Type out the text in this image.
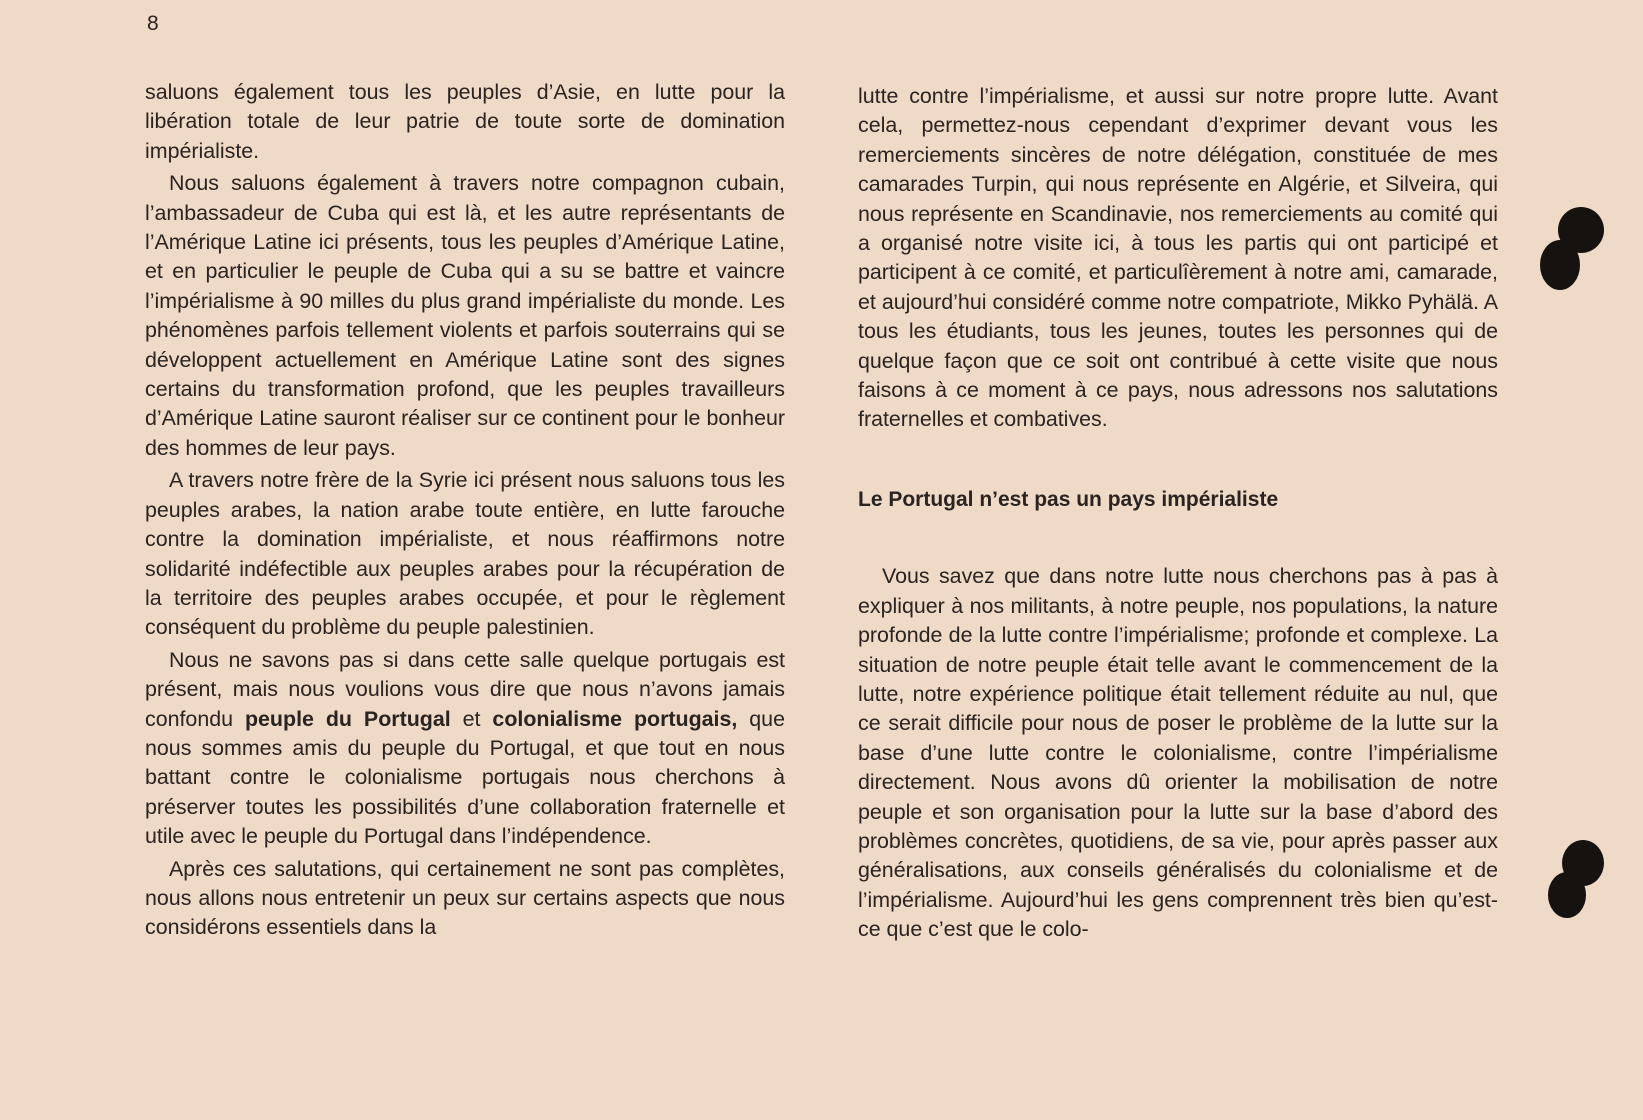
8

saluons également tous les peuples d’Asie, en lutte pour la libération totale de leur patrie de toute sorte de domination impérialiste.

Nous saluons également à travers notre compagnon cubain, l’ambassadeur de Cuba qui est là, et les autre représentants de l’Amérique Latine ici présents, tous les peuples d’Amérique Latine, et en particulier le peuple de Cuba qui a su se battre et vaincre l’impérialisme à 90 milles du plus grand impérialiste du monde. Les phénomènes parfois tellement violents et parfois souterrains qui se développent actuellement en Amérique Latine sont des signes certains du transformation profond, que les peuples travailleurs d’Amérique Latine sauront réaliser sur ce continent pour le bonheur des hommes de leur pays.

A travers notre frère de la Syrie ici présent nous saluons tous les peuples arabes, la nation arabe toute entière, en lutte farouche contre la domination impérialiste, et nous réaffirmons notre solidarité indéfectible aux peuples arabes pour la récupération de la territoire des peuples arabes occupée, et pour le règlement conséquent du problème du peuple palestinien.

Nous ne savons pas si dans cette salle quelque portugais est présent, mais nous voulions vous dire que nous n’avons jamais confondu peuple du Portugal et colonialisme portugais, que nous sommes amis du peuple du Portugal, et que tout en nous battant contre le colonialisme portugais nous cherchons à préserver toutes les possibilités d’une collaboration fraternelle et utile avec le peuple du Portugal dans l’indépendence.

Après ces salutations, qui certainement ne sont pas complètes, nous allons nous entretenir un peux sur certains aspects que nous considérons essentiels dans la

lutte contre l’impérialisme, et aussi sur notre propre lutte. Avant cela, permettez-nous cependant d’exprimer devant vous les remerciements sincères de notre délégation, constituée de mes camarades Turpin, qui nous représente en Algérie, et Silveira, qui nous représente en Scandinavie, nos remerciements au comité qui a organisé notre visite ici, à tous les partis qui ont participé et participent à ce comité, et particulîèrement à notre ami, camarade, et aujourd’hui considéré comme notre compatriote, Mikko Pyhälä. A tous les étudiants, tous les jeunes, toutes les personnes qui de quelque façon que ce soit ont contribué à cette visite que nous faisons à ce moment à ce pays, nous adressons nos salutations fraternelles et combatives.

Le Portugal n’est pas un pays impérialiste

Vous savez que dans notre lutte nous cherchons pas à pas à expliquer à nos militants, à notre peuple, nos populations, la nature profonde de la lutte contre l’impérialisme; profonde et complexe. La situation de notre peuple était telle avant le commencement de la lutte, notre expérience politique était tellement réduite au nul, que ce serait difficile pour nous de poser le problème de la lutte sur la base d’une lutte contre le colonialisme, contre l’impérialisme directement. Nous avons dû orienter la mobilisation de notre peuple et son organisation pour la lutte sur la base d’abord des problèmes concrètes, quotidiens, de sa vie, pour après passer aux généralisations, aux conseils généralisés du colonialisme et de l’impérialisme. Aujourd’hui les gens comprennent très bien qu’est-ce que c’est que le colo-
